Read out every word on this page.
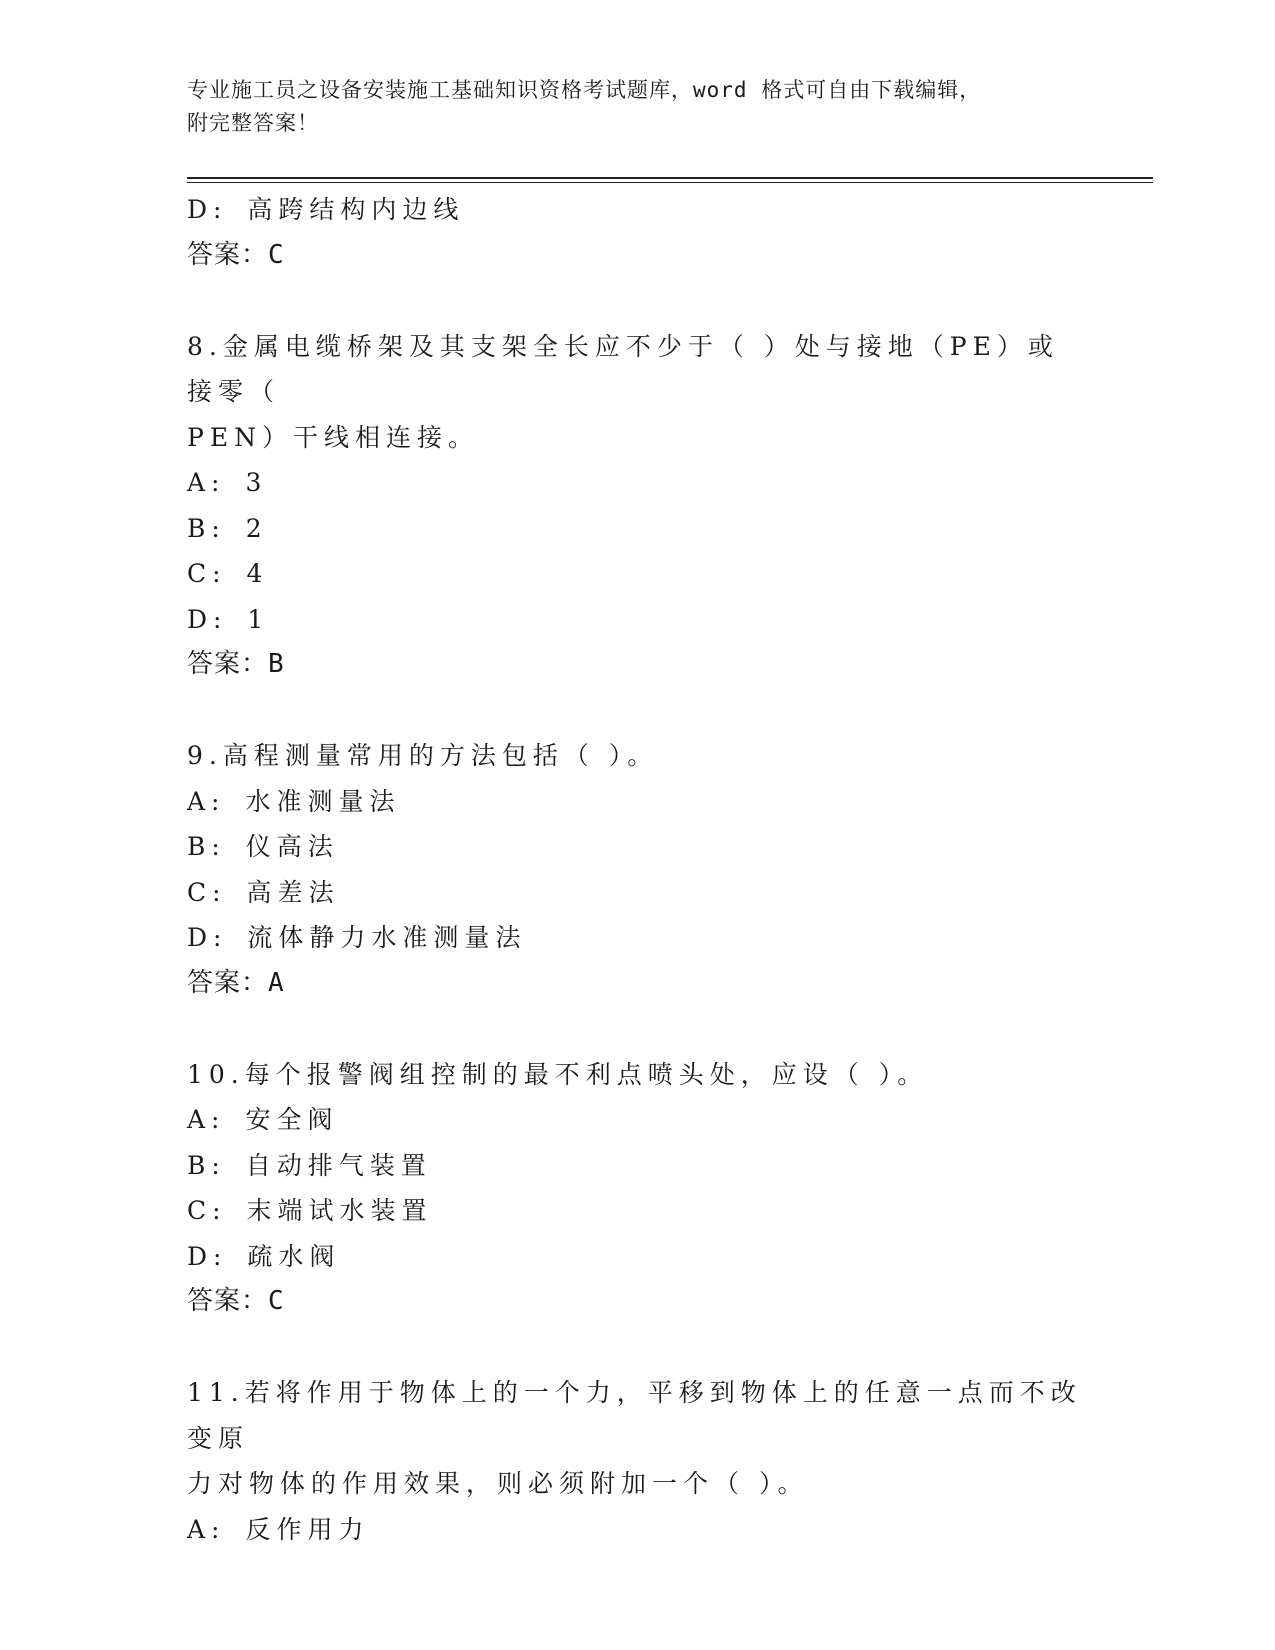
专业施工员之设备安装施工基础知识资格考试题库，word 格式可自由下载编辑，
附完整答案！
D: 高跨结构内边线
答案：C
8.金属电缆桥架及其支架全长应不少于（ ）处与接地（PE）或接零（
PEN）干线相连接。
A: 3
B: 2
C: 4
D: 1
答案：B
9.高程测量常用的方法包括（ ）。
A: 水准测量法
B: 仪高法
C: 高差法
D: 流体静力水准测量法
答案：A
10.每个报警阀组控制的最不利点喷头处，应设（ ）。
A: 安全阀
B: 自动排气装置
C: 末端试水装置
D: 疏水阀
答案：C
11.若将作用于物体上的一个力，平移到物体上的任意一点而不改变原
力对物体的作用效果，则必须附加一个（ ）。
A: 反作用力
